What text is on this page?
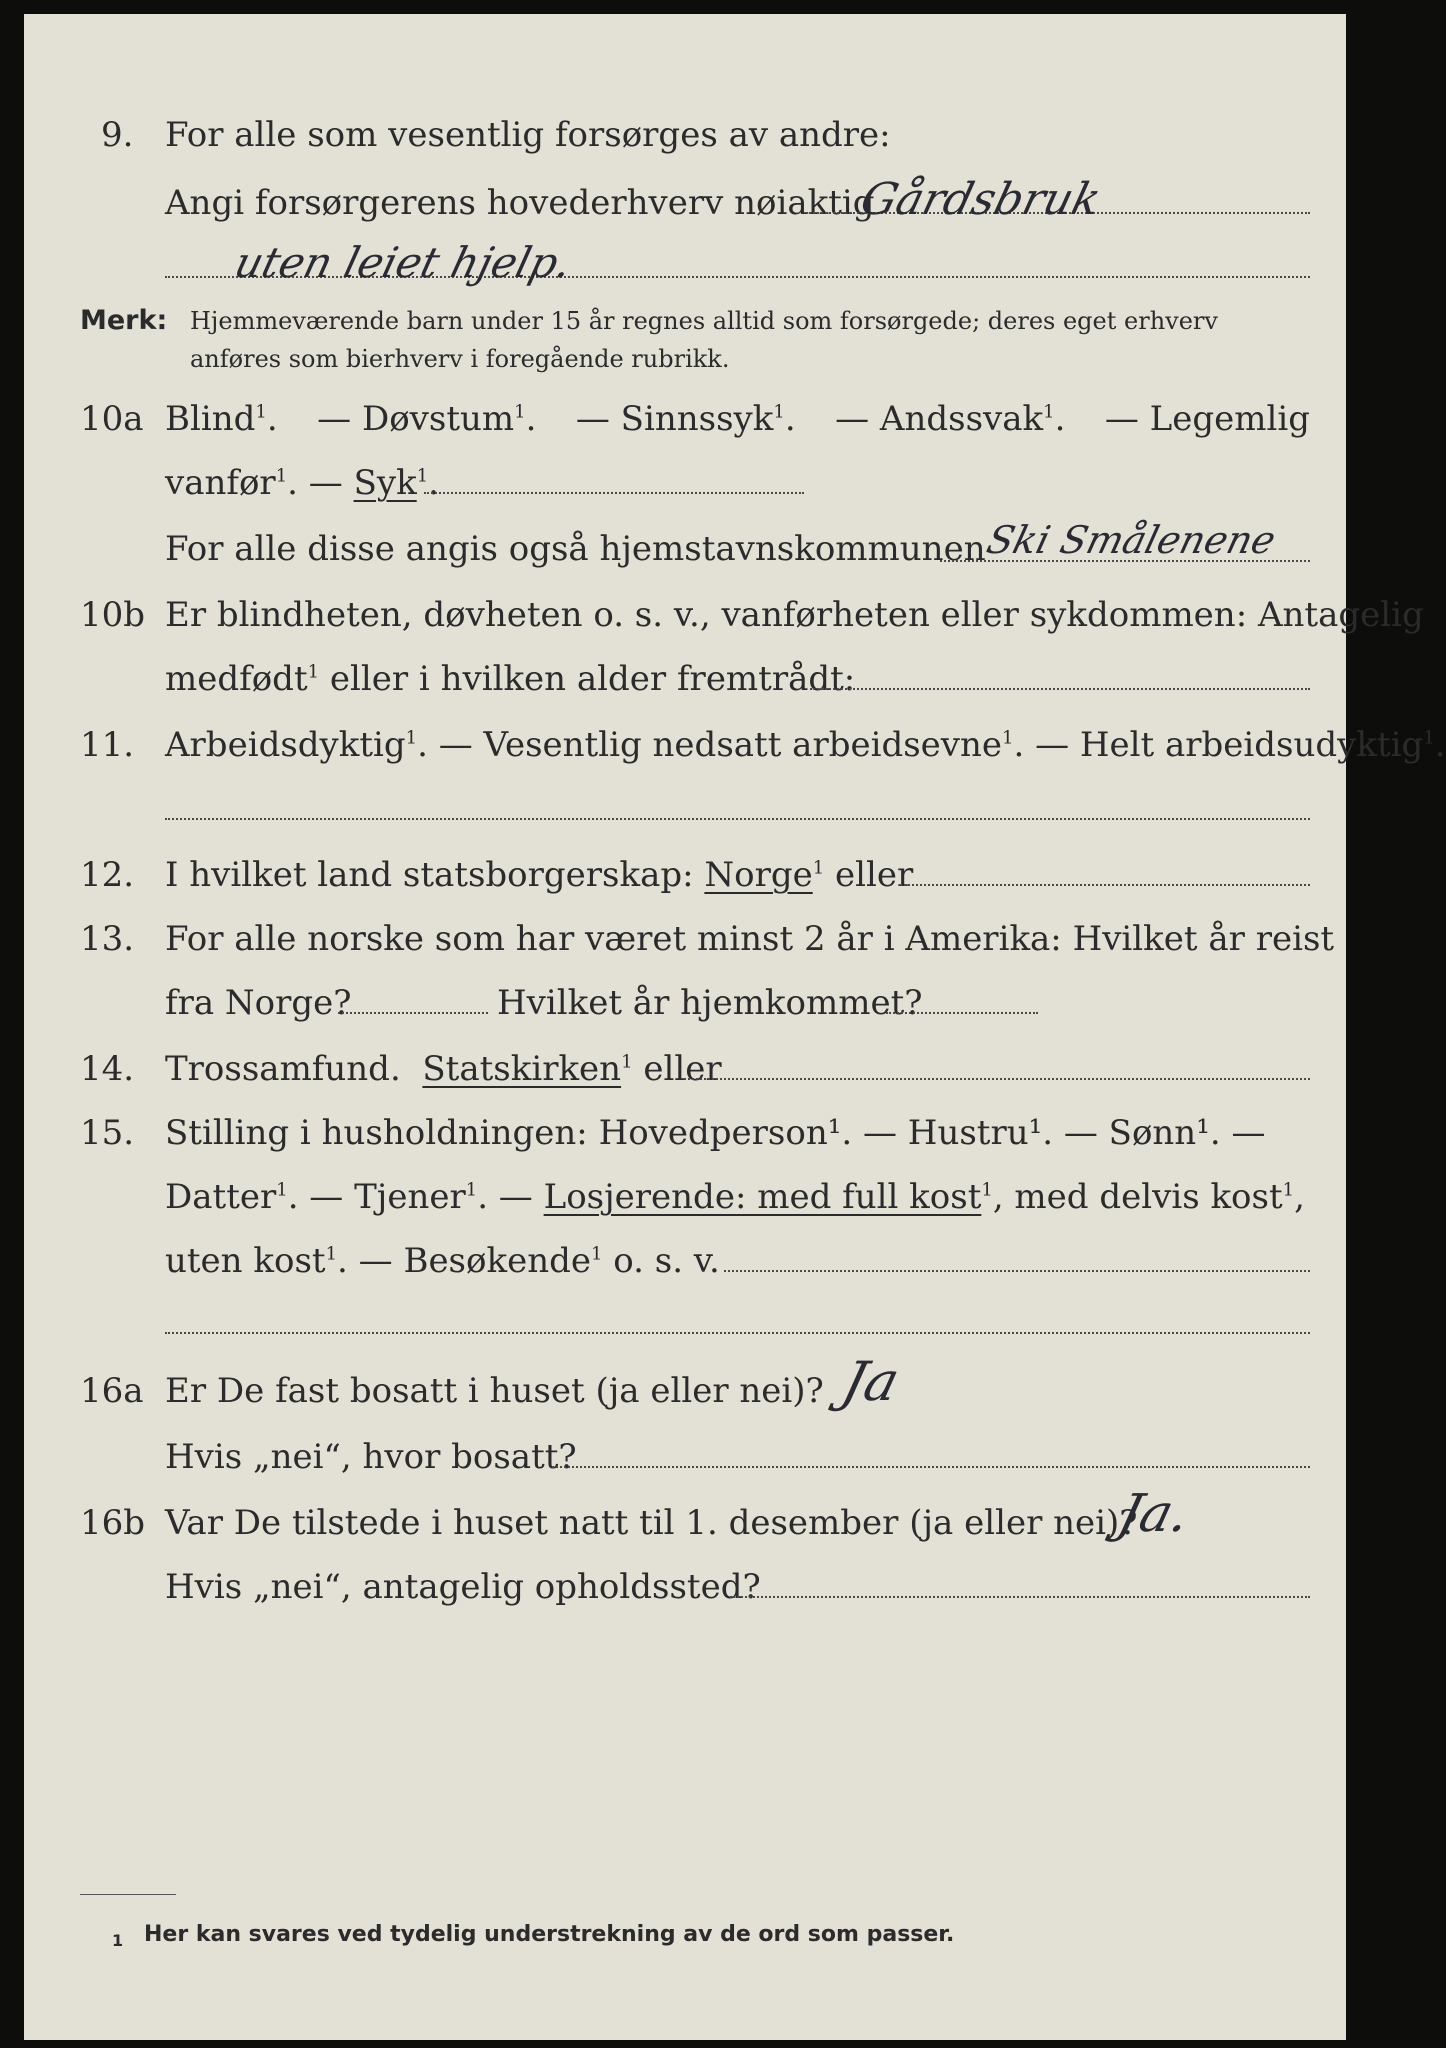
9. For alle som vesentlig forsørges av andre:
Angi forsørgerens hovederhverv nøiaktig
Gårdsbruk
uten leiet hjelp.
Merk: Hjemmeværende barn under 15 år regnes alltid som forsørgede; deres eget erhverv
anføres som bierhverv i foregående rubrikk.
10a Blind$^1$. — Døvstum$^1$. — Sinnssyk$^1$. — Andssvak$^1$. — Legemlig
vanfør$^1$. — Syk$^1$.
For alle disse angis også hjemstavnskommunen
Ski Smålenene
10b Er blindheten, døvheten o. s. v., vanførheten eller sykdommen: Antagelig
medfødt$^1$ eller i hvilken alder fremtrådt:
11. Arbeidsdyktig$^1$. — Vesentlig nedsatt arbeidsevne$^1$. — Helt arbeidsudyktig$^1$.
12. I hvilket land statsborgerskap: Norge$^1$ eller
13. For alle norske som har været minst 2 år i Amerika: Hvilket år reist
fra Norge?	Hvilket år hjemkommet?
14. Trossamfund. Statskirken$^1$ eller
15. Stilling i husholdningen: Hovedperson¹. — Hustru¹. — Sønn¹. —
Datter$^1$. — Tjener$^1$. — Losjerende: med full kost$^1$, med delvis kost$^1$,
uten kost$^1$. — Besøkende$^1$ o. s. v.
16a Er De fast bosatt i huset (ja eller nei)? Ja
Hvis „nei“, hvor bosatt?
16b Var De tilstede i huset natt til 1. desember (ja eller nei)?
Ja.
Hvis „nei“, antagelig opholdssted?
1 Her kan svares ved tydelig understrekning av de ord som passer.
